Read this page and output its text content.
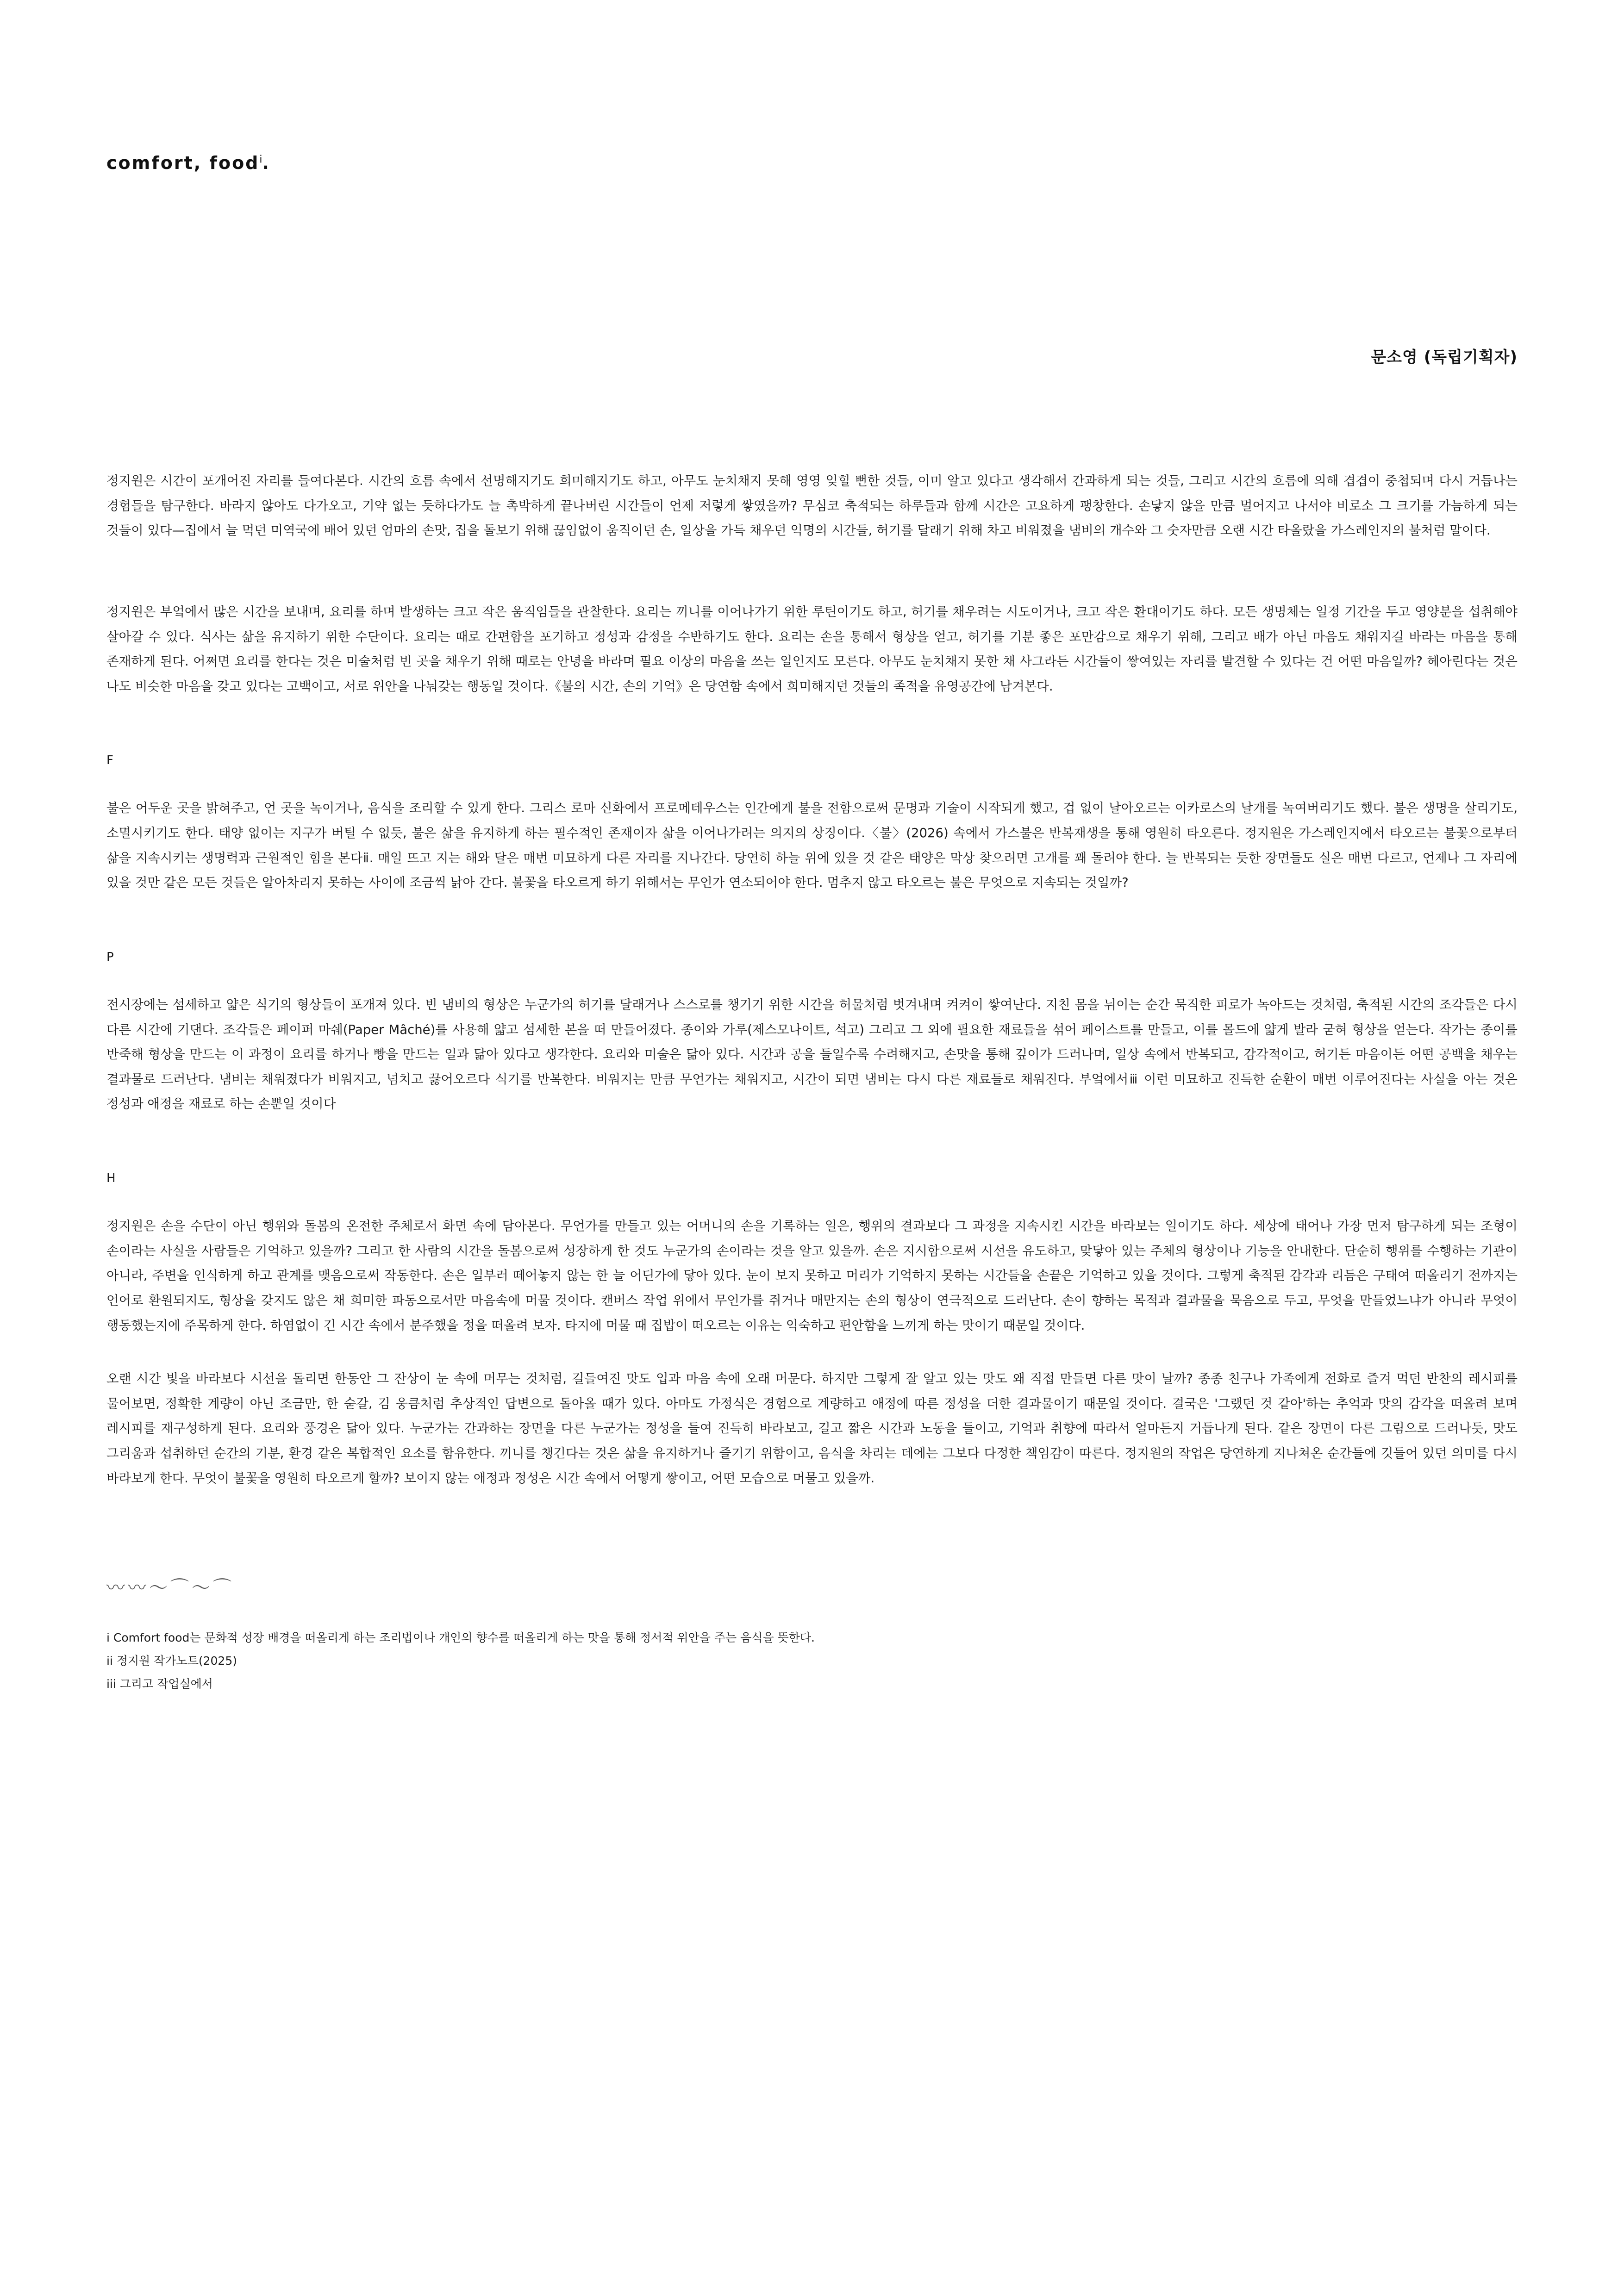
comfort, food$^i$.
문소영 (독립기획자)

정지원은 시간이 포개어진 자리를 들여다본다. 시간의 흐름 속에서 선명해지기도 희미해지기도 하고, 아무도 눈치채지 못해 영영 잊힐 뻔한 것들, 이미 알고 있다고 생각해서 간과하게 되는 것들, 그리고 시간의 흐름에 의해 겹겹이 중첩되며 다시 거듭나는 경험들을 탐구한다. 바라지 않아도 다가오고, 기약 없는 듯하다가도 늘 촉박하게 끝나버린 시간들이 언제 저렇게 쌓였을까? 무심코 축적되는 하루들과 함께 시간은 고요하게 팽창한다. 손닿지 않을 만큼 멀어지고 나서야 비로소 그 크기를 가늠하게 되는 것들이 있다—집에서 늘 먹던 미역국에 배어 있던 엄마의 손맛, 집을 돌보기 위해 끊임없이 움직이던 손, 일상을 가득 채우던 익명의 시간들, 허기를 달래기 위해 차고 비워졌을 냄비의 개수와 그 숫자만큼 오랜 시간 타올랐을 가스레인지의 불처럼 말이다.

정지원은 부엌에서 많은 시간을 보내며, 요리를 하며 발생하는 크고 작은 움직임들을 관찰한다. 요리는 끼니를 이어나가기 위한 루틴이기도 하고, 허기를 채우려는 시도이거나, 크고 작은 환대이기도 하다. 모든 생명체는 일정 기간을 두고 영양분을 섭취해야 살아갈 수 있다. 식사는 삶을 유지하기 위한 수단이다. 요리는 때로 간편함을 포기하고 정성과 감정을 수반하기도 한다. 요리는 손을 통해서 형상을 얻고, 허기를 기분 좋은 포만감으로 채우기 위해, 그리고 배가 아닌 마음도 채워지길 바라는 마음을 통해 존재하게 된다. 어쩌면 요리를 한다는 것은 미술처럼 빈 곳을 채우기 위해 때로는 안녕을 바라며 필요 이상의 마음을 쓰는 일인지도 모른다. 아무도 눈치채지 못한 채 사그라든 시간들이 쌓여있는 자리를 발견할 수 있다는 건 어떤 마음일까? 헤아린다는 것은 나도 비슷한 마음을 갖고 있다는 고백이고, 서로 위안을 나눠갖는 행동일 것이다.《불의 시간, 손의 기억》은 당연함 속에서 희미해지던 것들의 족적을 유영공간에 남겨본다.

F

불은 어두운 곳을 밝혀주고, 언 곳을 녹이거나, 음식을 조리할 수 있게 한다. 그리스 로마 신화에서 프로메테우스는 인간에게 불을 전함으로써 문명과 기술이 시작되게 했고, 겁 없이 날아오르는 이카로스의 날개를 녹여버리기도 했다. 불은 생명을 살리기도, 소멸시키기도 한다. 태양 없이는 지구가 버틸 수 없듯, 불은 삶을 유지하게 하는 필수적인 존재이자 삶을 이어나가려는 의지의 상징이다.〈불〉(2026) 속에서 가스불은 반복재생을 통해 영원히 타오른다. 정지원은 가스레인지에서 타오르는 불꽃으로부터 삶을 지속시키는 생명력과 근원적인 힘을 본다ⅱ. 매일 뜨고 지는 해와 달은 매번 미묘하게 다른 자리를 지나간다. 당연히 하늘 위에 있을 것 같은 태양은 막상 찾으려면 고개를 꽤 돌려야 한다. 늘 반복되는 듯한 장면들도 실은 매번 다르고, 언제나 그 자리에 있을 것만 같은 모든 것들은 알아차리지 못하는 사이에 조금씩 낡아 간다. 불꽃을 타오르게 하기 위해서는 무언가 연소되어야 한다. 멈추지 않고 타오르는 불은 무엇으로 지속되는 것일까?

P

전시장에는 섬세하고 얇은 식기의 형상들이 포개져 있다. 빈 냄비의 형상은 누군가의 허기를 달래거나 스스로를 챙기기 위한 시간을 허물처럼 벗겨내며 켜켜이 쌓여난다. 지친 몸을 뉘이는 순간 묵직한 피로가 녹아드는 것처럼, 축적된 시간의 조각들은 다시 다른 시간에 기댄다. 조각들은 페이퍼 마쉐(Paper Mâché)를 사용해 얇고 섬세한 본을 떠 만들어졌다. 종이와 가루(제스모나이트, 석고) 그리고 그 외에 필요한 재료들을 섞어 페이스트를 만들고, 이를 몰드에 얇게 발라 굳혀 형상을 얻는다. 작가는 종이를 반죽해 형상을 만드는 이 과정이 요리를 하거나 빵을 만드는 일과 닮아 있다고 생각한다. 요리와 미술은 닮아 있다. 시간과 공을 들일수록 수려해지고, 손맛을 통해 깊이가 드러나며, 일상 속에서 반복되고, 감각적이고, 허기든 마음이든 어떤 공백을 채우는 결과물로 드러난다. 냄비는 채워졌다가 비워지고, 넘치고 끓어오르다 식기를 반복한다. 비워지는 만큼 무언가는 채워지고, 시간이 되면 냄비는 다시 다른 재료들로 채워진다. 부엌에서ⅲ 이런 미묘하고 진득한 순환이 매번 이루어진다는 사실을 아는 것은 정성과 애정을 재료로 하는 손뿐일 것이다

H

정지원은 손을 수단이 아닌 행위와 돌봄의 온전한 주체로서 화면 속에 담아본다. 무언가를 만들고 있는 어머니의 손을 기록하는 일은, 행위의 결과보다 그 과정을 지속시킨 시간을 바라보는 일이기도 하다. 세상에 태어나 가장 먼저 탐구하게 되는 조형이 손이라는 사실을 사람들은 기억하고 있을까? 그리고 한 사람의 시간을 돌봄으로써 성장하게 한 것도 누군가의 손이라는 것을 알고 있을까. 손은 지시함으로써 시선을 유도하고, 맞닿아 있는 주체의 형상이나 기능을 안내한다. 단순히 행위를 수행하는 기관이 아니라, 주변을 인식하게 하고 관계를 맺음으로써 작동한다. 손은 일부러 떼어놓지 않는 한 늘 어딘가에 닿아 있다. 눈이 보지 못하고 머리가 기억하지 못하는 시간들을 손끝은 기억하고 있을 것이다. 그렇게 축적된 감각과 리듬은 구태여 떠올리기 전까지는 언어로 환원되지도, 형상을 갖지도 않은 채 희미한 파동으로서만 마음속에 머물 것이다. 캔버스 작업 위에서 무언가를 쥐거나 매만지는 손의 형상이 연극적으로 드러난다. 손이 향하는 목적과 결과물을 묵음으로 두고, 무엇을 만들었느냐가 아니라 무엇이 행동했는지에 주목하게 한다. 하염없이 긴 시간 속에서 분주했을 정을 떠올려 보자. 타지에 머물 때 집밥이 떠오르는 이유는 익숙하고 편안함을 느끼게 하는 맛이기 때문일 것이다.

오랜 시간 빛을 바라보다 시선을 돌리면 한동안 그 잔상이 눈 속에 머무는 것처럼, 길들여진 맛도 입과 마음 속에 오래 머문다. 하지만 그렇게 잘 알고 있는 맛도 왜 직접 만들면 다른 맛이 날까? 종종 친구나 가족에게 전화로 즐겨 먹던 반찬의 레시피를 물어보면, 정확한 계량이 아닌 조금만, 한 숟갈, 김 웅큼처럼 추상적인 답변으로 돌아올 때가 있다. 아마도 가정식은 경험으로 계량하고 애정에 따른 정성을 더한 결과물이기 때문일 것이다. 결국은 '그랬던 것 같아'하는 추억과 맛의 감각을 떠올려 보며 레시피를 재구성하게 된다. 요리와 풍경은 닮아 있다. 누군가는 간과하는 장면을 다른 누군가는 정성을 들여 진득히 바라보고, 길고 짧은 시간과 노동을 들이고, 기억과 취향에 따라서 얼마든지 거듭나게 된다. 같은 장면이 다른 그림으로 드러나듯, 맛도 그리움과 섭취하던 순간의 기분, 환경 같은 복합적인 요소를 함유한다. 끼니를 챙긴다는 것은 삶을 유지하거나 즐기기 위함이고, 음식을 차리는 데에는 그보다 다정한 책임감이 따른다. 정지원의 작업은 당연하게 지나쳐온 순간들에 깃들어 있던 의미를 다시 바라보게 한다. 무엇이 불꽃을 영원히 타오르게 할까? 보이지 않는 애정과 정성은 시간 속에서 어떻게 쌓이고, 어떤 모습으로 머물고 있을까.

〰〰〜⌒〜⌒

i Comfort food는 문화적 성장 배경을 떠올리게 하는 조리법이나 개인의 향수를 떠올리게 하는 맛을 통해 정서적 위안을 주는 음식을 뜻한다.

ii 정지원 작가노트(2025)

iii 그리고 작업실에서
